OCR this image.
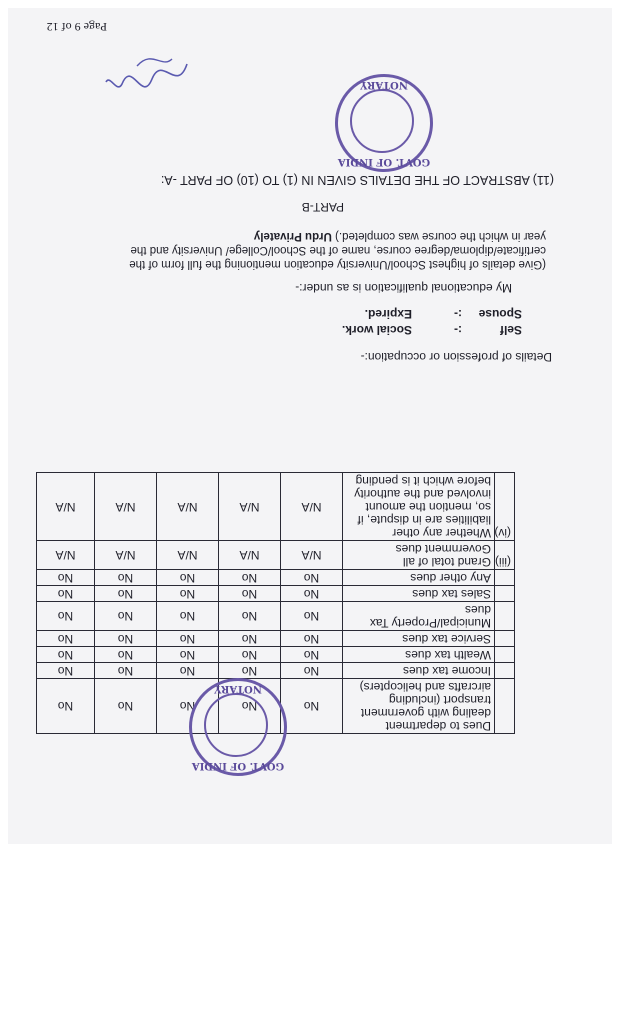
	Dues to department dealing with government transport (including aircrafts and helicopters)	No	No	No	No	No
	Income tax dues	No	No	No	No	No
	Wealth tax dues	No	No	No	No	No
	Service tax dues	No	No	No	No	No
	Municipal/Property Tax dues	No	No	No	No	No
	Sales tax dues	No	No	No	No	No
	Any other dues	No	No	No	No	No
(iii)	Grand total of all Government dues	N/A	N/A	N/A	N/A	N/A
(iv)	Whether any other liabilities are in dispute, if so, mention the amount involved and the authority before which it is pending	N/A	N/A	N/A	N/A	N/A
Details of profession or occupation:-
Self
:-
Social work.
Spouse
:-
Expired.
My educational qualification is as under:-
(Give details of highest School/University education mentioning the full form of the
certificate/diploma/degree course, name of the School/College/ University and the
year in which the course was completed.) Urdu Privately
PART-B
(11) ABSTRACT OF THE DETAILS GIVEN IN (1) TO (10) OF PART -A:
GOVT. OF INDIA
NOTARY
GOVT. OF INDIA
NOTARY
Page 9 of 12
